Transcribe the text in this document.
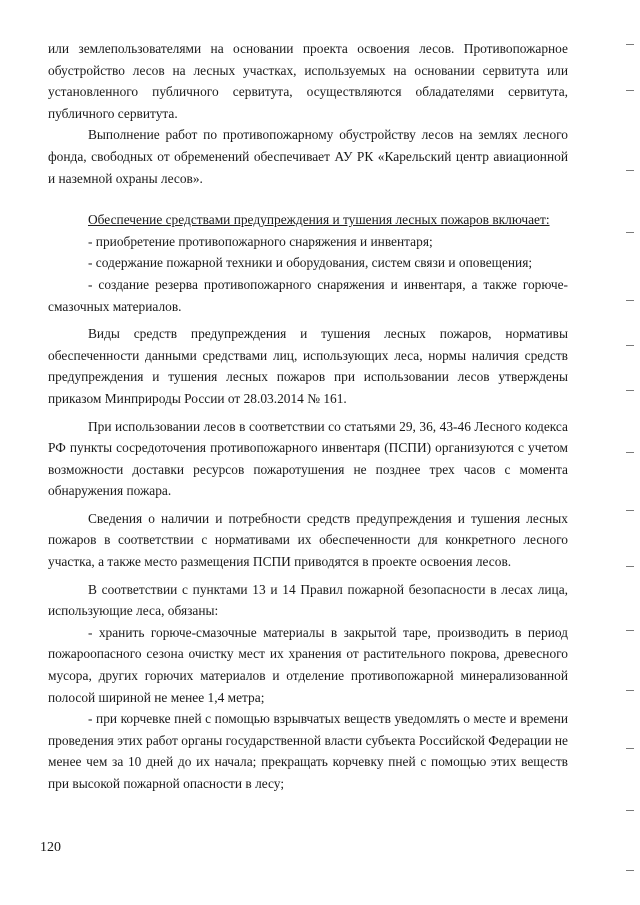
или землепользователями на основании проекта освоения лесов. Противопожарное обустройство лесов на лесных участках, используемых на основании сервитута или установленного публичного сервитута, осуществляются обладателями сервитута, публичного сервитута.

Выполнение работ по противопожарному обустройству лесов на землях лесного фонда, свободных от обременений обеспечивает АУ РК «Карельский центр авиационной и наземной охраны лесов».

Обеспечение средствами предупреждения и тушения лесных пожаров включает:

- приобретение противопожарного снаряжения и инвентаря;

- содержание пожарной техники и оборудования, систем связи и оповещения;

- создание резерва противопожарного снаряжения и инвентаря, а также горюче-смазочных материалов.

Виды средств предупреждения и тушения лесных пожаров, нормативы обеспеченности данными средствами лиц, использующих леса, нормы наличия средств предупреждения и тушения лесных пожаров при использовании лесов утверждены приказом Минприроды России от 28.03.2014 № 161.

При использовании лесов в соответствии со статьями 29, 36, 43-46 Лесного кодекса РФ пункты сосредоточения противопожарного инвентаря (ПСПИ) организуются с учетом возможности доставки ресурсов пожаротушения не позднее трех часов с момента обнаружения пожара.

Сведения о наличии и потребности средств предупреждения и тушения лесных пожаров в соответствии с нормативами их обеспеченности для конкретного лесного участка, а также место размещения ПСПИ приводятся в проекте освоения лесов.

В соответствии с пунктами 13 и 14 Правил пожарной безопасности в лесах лица, использующие леса, обязаны:

- хранить горюче-смазочные материалы в закрытой таре, производить в период пожароопасного сезона очистку мест их хранения от растительного покрова, древесного мусора, других горючих материалов и отделение противопожарной минерализованной полосой шириной не менее 1,4 метра;

- при корчевке пней с помощью взрывчатых веществ уведомлять о месте и времени проведения этих работ органы государственной власти субъекта Российской Федерации не менее чем за 10 дней до их начала; прекращать корчевку пней с помощью этих веществ при высокой пожарной опасности в лесу;

120
